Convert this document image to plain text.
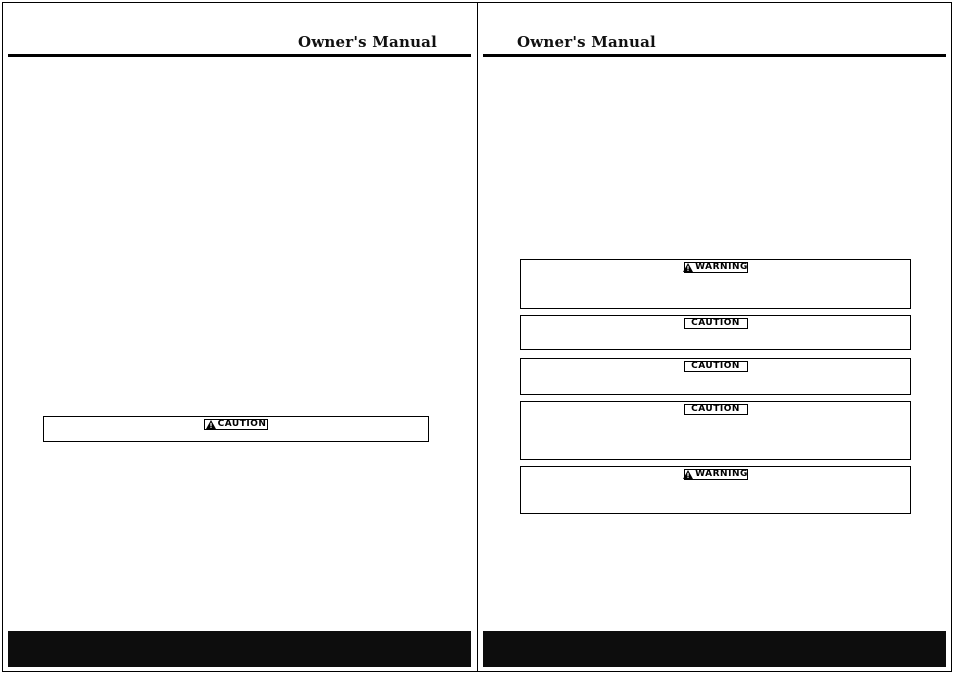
Owner's Manual
CAUTION
Owner's Manual
WARNING
CAUTION
CAUTION
CAUTION
WARNING
